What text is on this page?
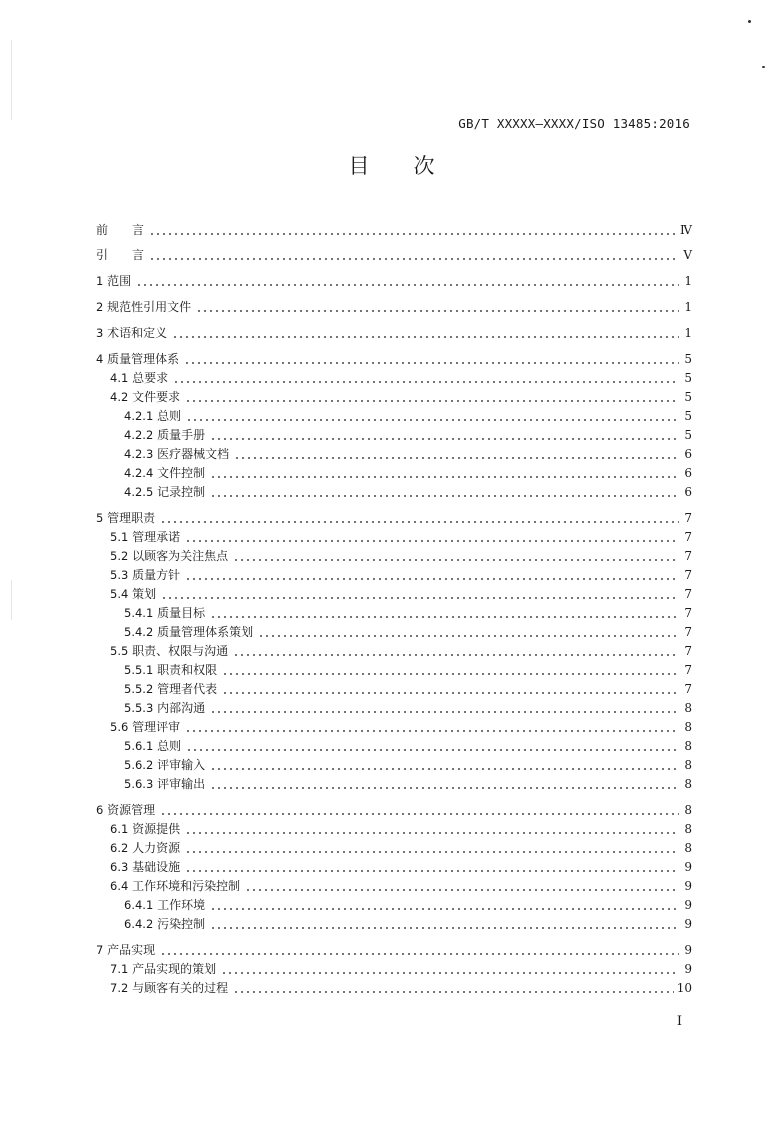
GB/T XXXXX—XXXX/ISO 13485:2016
目次
前　　言	Ⅳ
引　　言	Ⅴ
1 范围	1
2 规范性引用文件	1
3 术语和定义	1
4 质量管理体系	5
4.1 总要求	5
4.2 文件要求	5
4.2.1 总则	5
4.2.2 质量手册	5
4.2.3 医疗器械文档	6
4.2.4 文件控制	6
4.2.5 记录控制	6
5 管理职责	7
5.1 管理承诺	7
5.2 以顾客为关注焦点	7
5.3 质量方针	7
5.4 策划	7
5.4.1 质量目标	7
5.4.2 质量管理体系策划	7
5.5 职责、权限与沟通	7
5.5.1 职责和权限	7
5.5.2 管理者代表	7
5.5.3 内部沟通	8
5.6 管理评审	8
5.6.1 总则	8
5.6.2 评审输入	8
5.6.3 评审输出	8
6 资源管理	8
6.1 资源提供	8
6.2 人力资源	8
6.3 基础设施	9
6.4 工作环境和污染控制	9
6.4.1 工作环境	9
6.4.2 污染控制	9
7 产品实现	9
7.1 产品实现的策划	9
7.2 与顾客有关的过程	10
I
